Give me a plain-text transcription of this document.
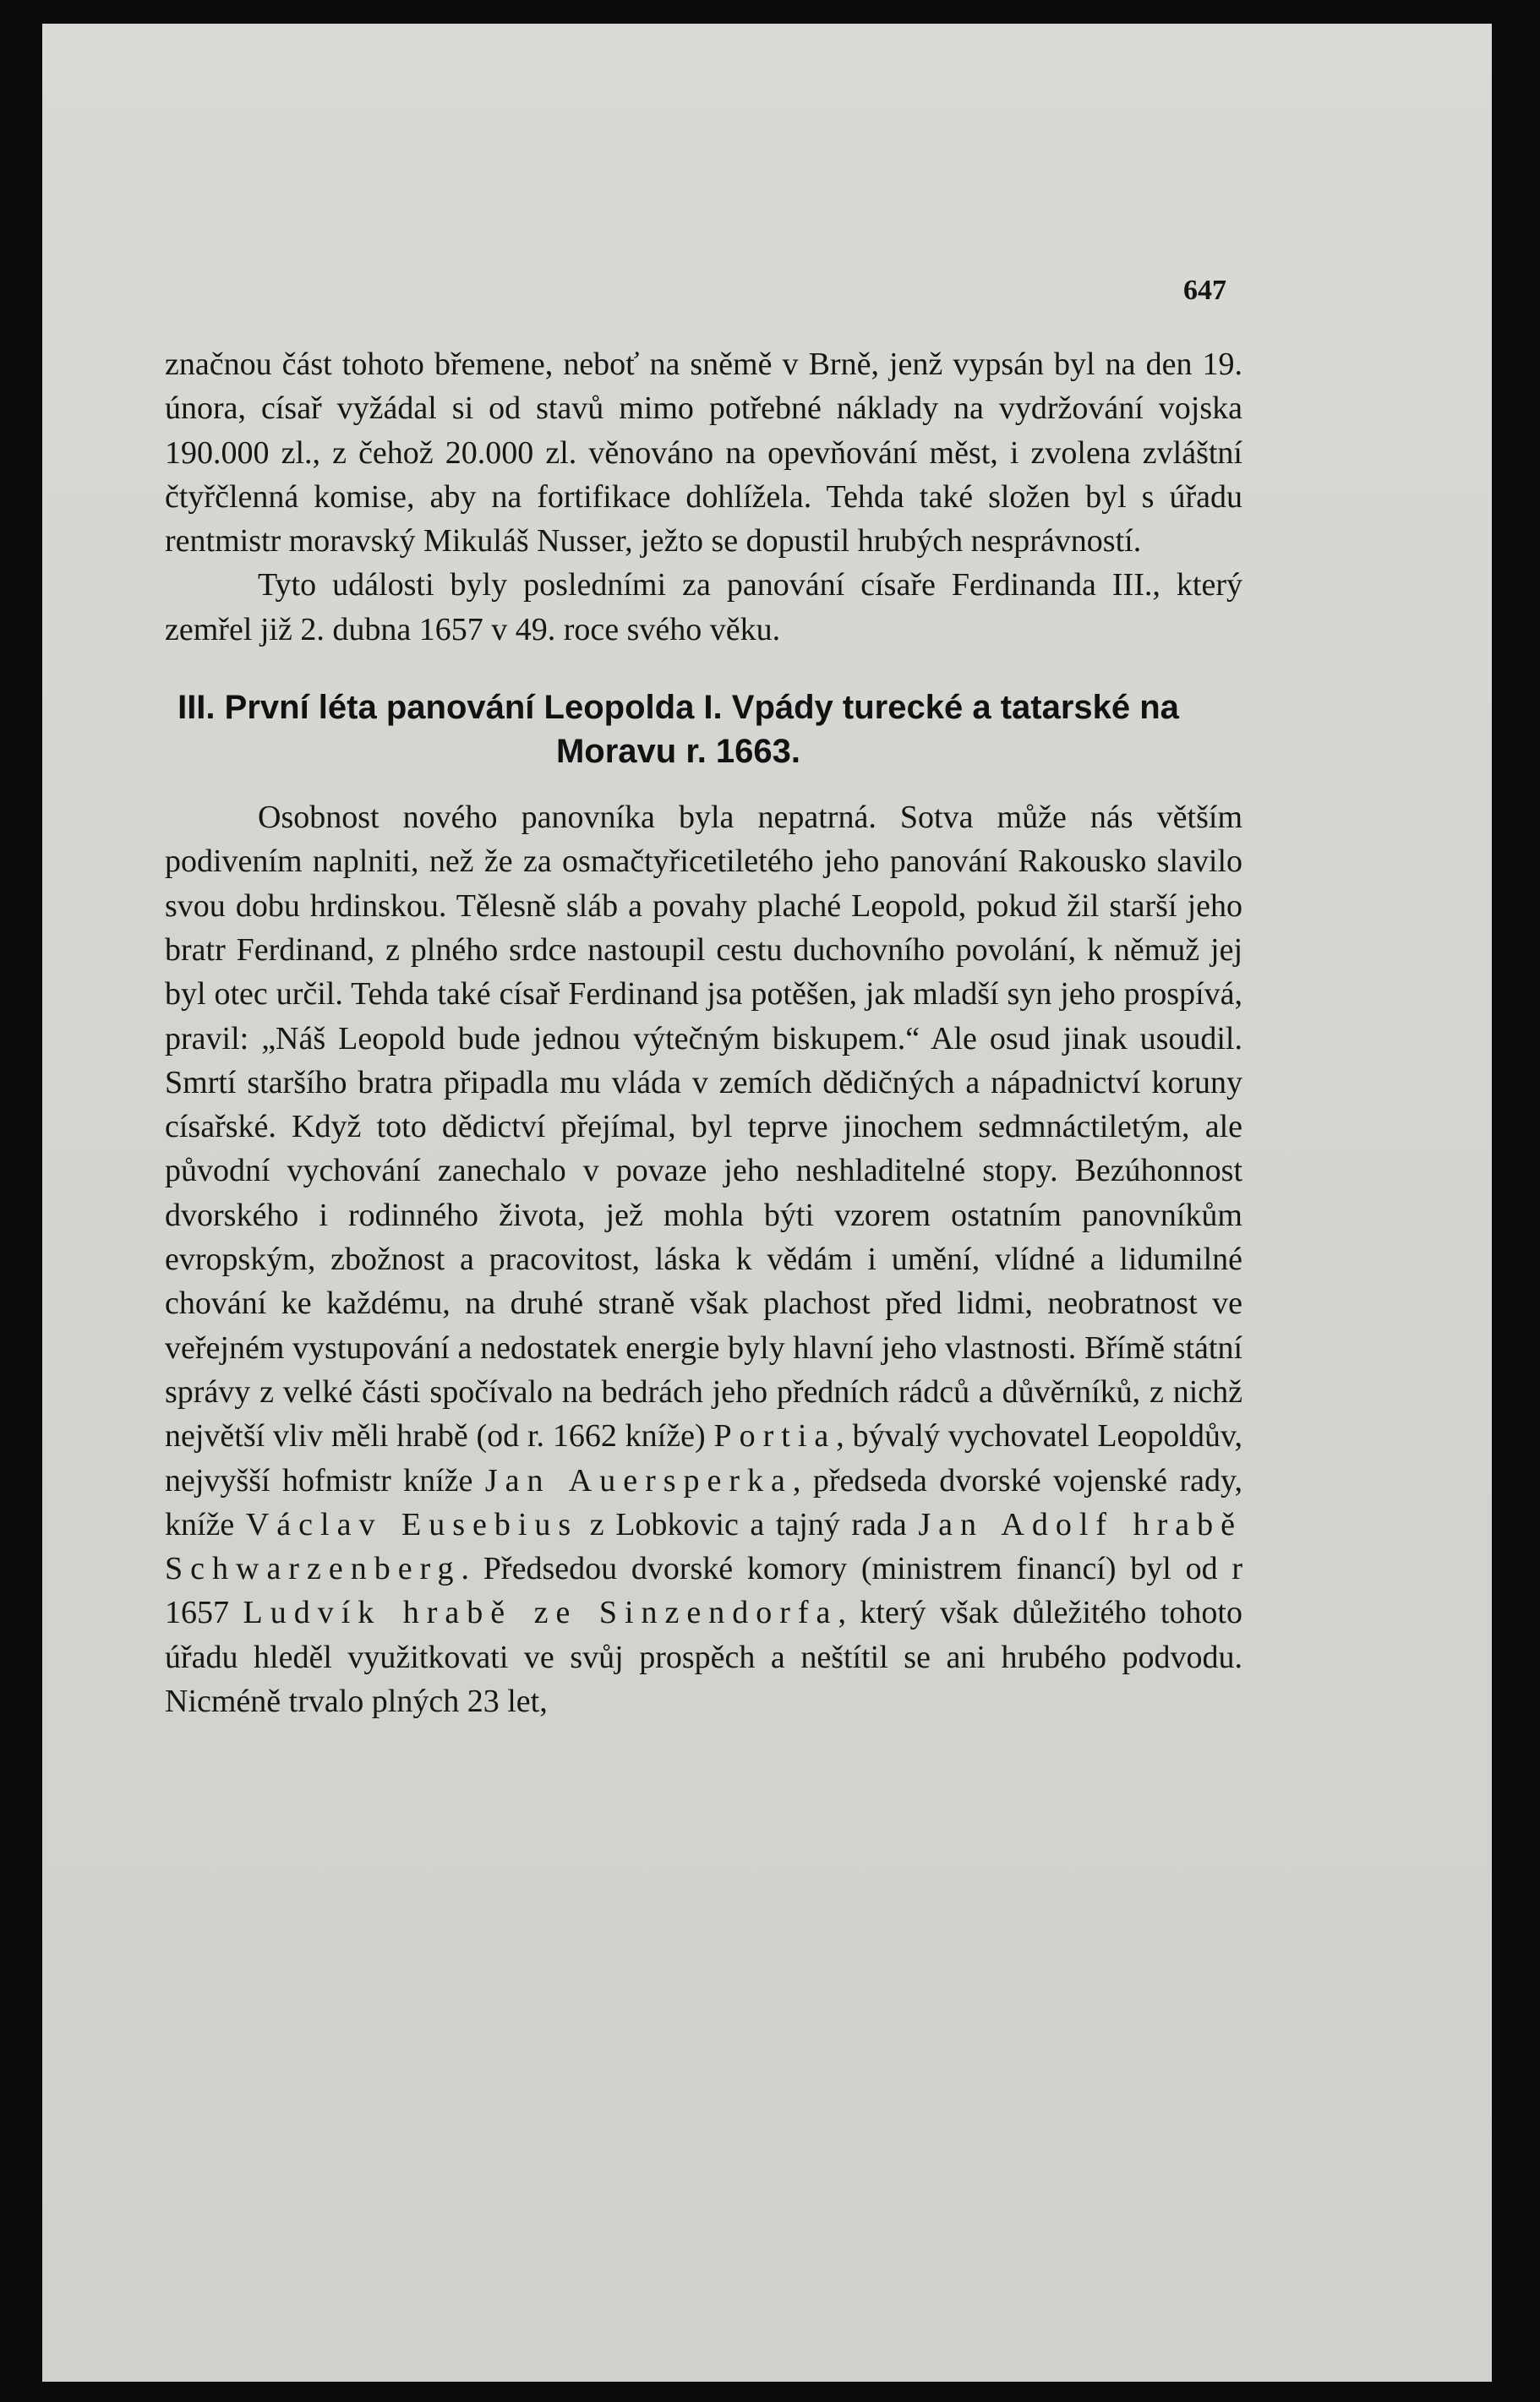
647

značnou část tohoto břemene, neboť na sněmě v Brně, jenž vypsán byl na den 19. února, císař vyžádal si od stavů mimo potřebné náklady na vydržování vojska 190.000 zl., z čehož 20.000 zl. věnováno na opevňování měst, i zvolena zvláštní čtyřčlenná komise, aby na fortifikace dohlížela. Tehda také složen byl s úřadu rentmistr moravský Mikuláš Nusser, ježto se dopustil hrubých nesprávností.

Tyto události byly posledními za panování císaře Ferdinanda III., který zemřel již 2. dubna 1657 v 49. roce svého věku.

III. První léta panování Leopolda I. Vpády turecké a tatarské na Moravu r. 1663.

Osobnost nového panovníka byla nepatrná. Sotva může nás větším podivením naplniti, než že za osmačtyřicetiletého jeho panování Rakousko slavilo svou dobu hrdinskou. Tělesně sláb a povahy plaché Leopold, pokud žil starší jeho bratr Ferdinand, z plného srdce nastoupil cestu duchovního povolání, k němuž jej byl otec určil. Tehda také císař Ferdinand jsa potěšen, jak mladší syn jeho prospívá, pravil: „Náš Leopold bude jednou výtečným biskupem.“ Ale osud jinak usoudil. Smrtí staršího bratra připadla mu vláda v zemích dědičných a nápadnictví koruny císařské. Když toto dědictví přejímal, byl teprve jinochem sedmnáctiletým, ale původní vychování zanechalo v povaze jeho neshladitelné stopy. Bezúhonnost dvorského i rodinného života, jež mohla býti vzorem ostatním panovníkům evropským, zbožnost a pracovitost, láska k vědám i umění, vlídné a lidumilné chování ke každému, na druhé straně však plachost před lidmi, neobratnost ve veřejném vystupování a nedostatek energie byly hlavní jeho vlastnosti. Břímě státní správy z velké části spočívalo na bedrách jeho předních rádců a důvěrníků, z nichž největší vliv měli hrabě (od r. 1662 kníže) Portia, bývalý vychovatel Leopoldův, nejvyšší hofmistr kníže Jan Auersperka, předseda dvorské vojenské rady, kníže Václav Eusebius z Lobkovic a tajný rada Jan Adolf hrabě Schwarzenberg. Předsedou dvorské komory (ministrem financí) byl od r 1657 Ludvík hrabě ze Sinzendorfa, který však důležitého tohoto úřadu hleděl využitkovati ve svůj prospěch a neštítil se ani hrubého podvodu. Nicméně trvalo plných 23 let,
